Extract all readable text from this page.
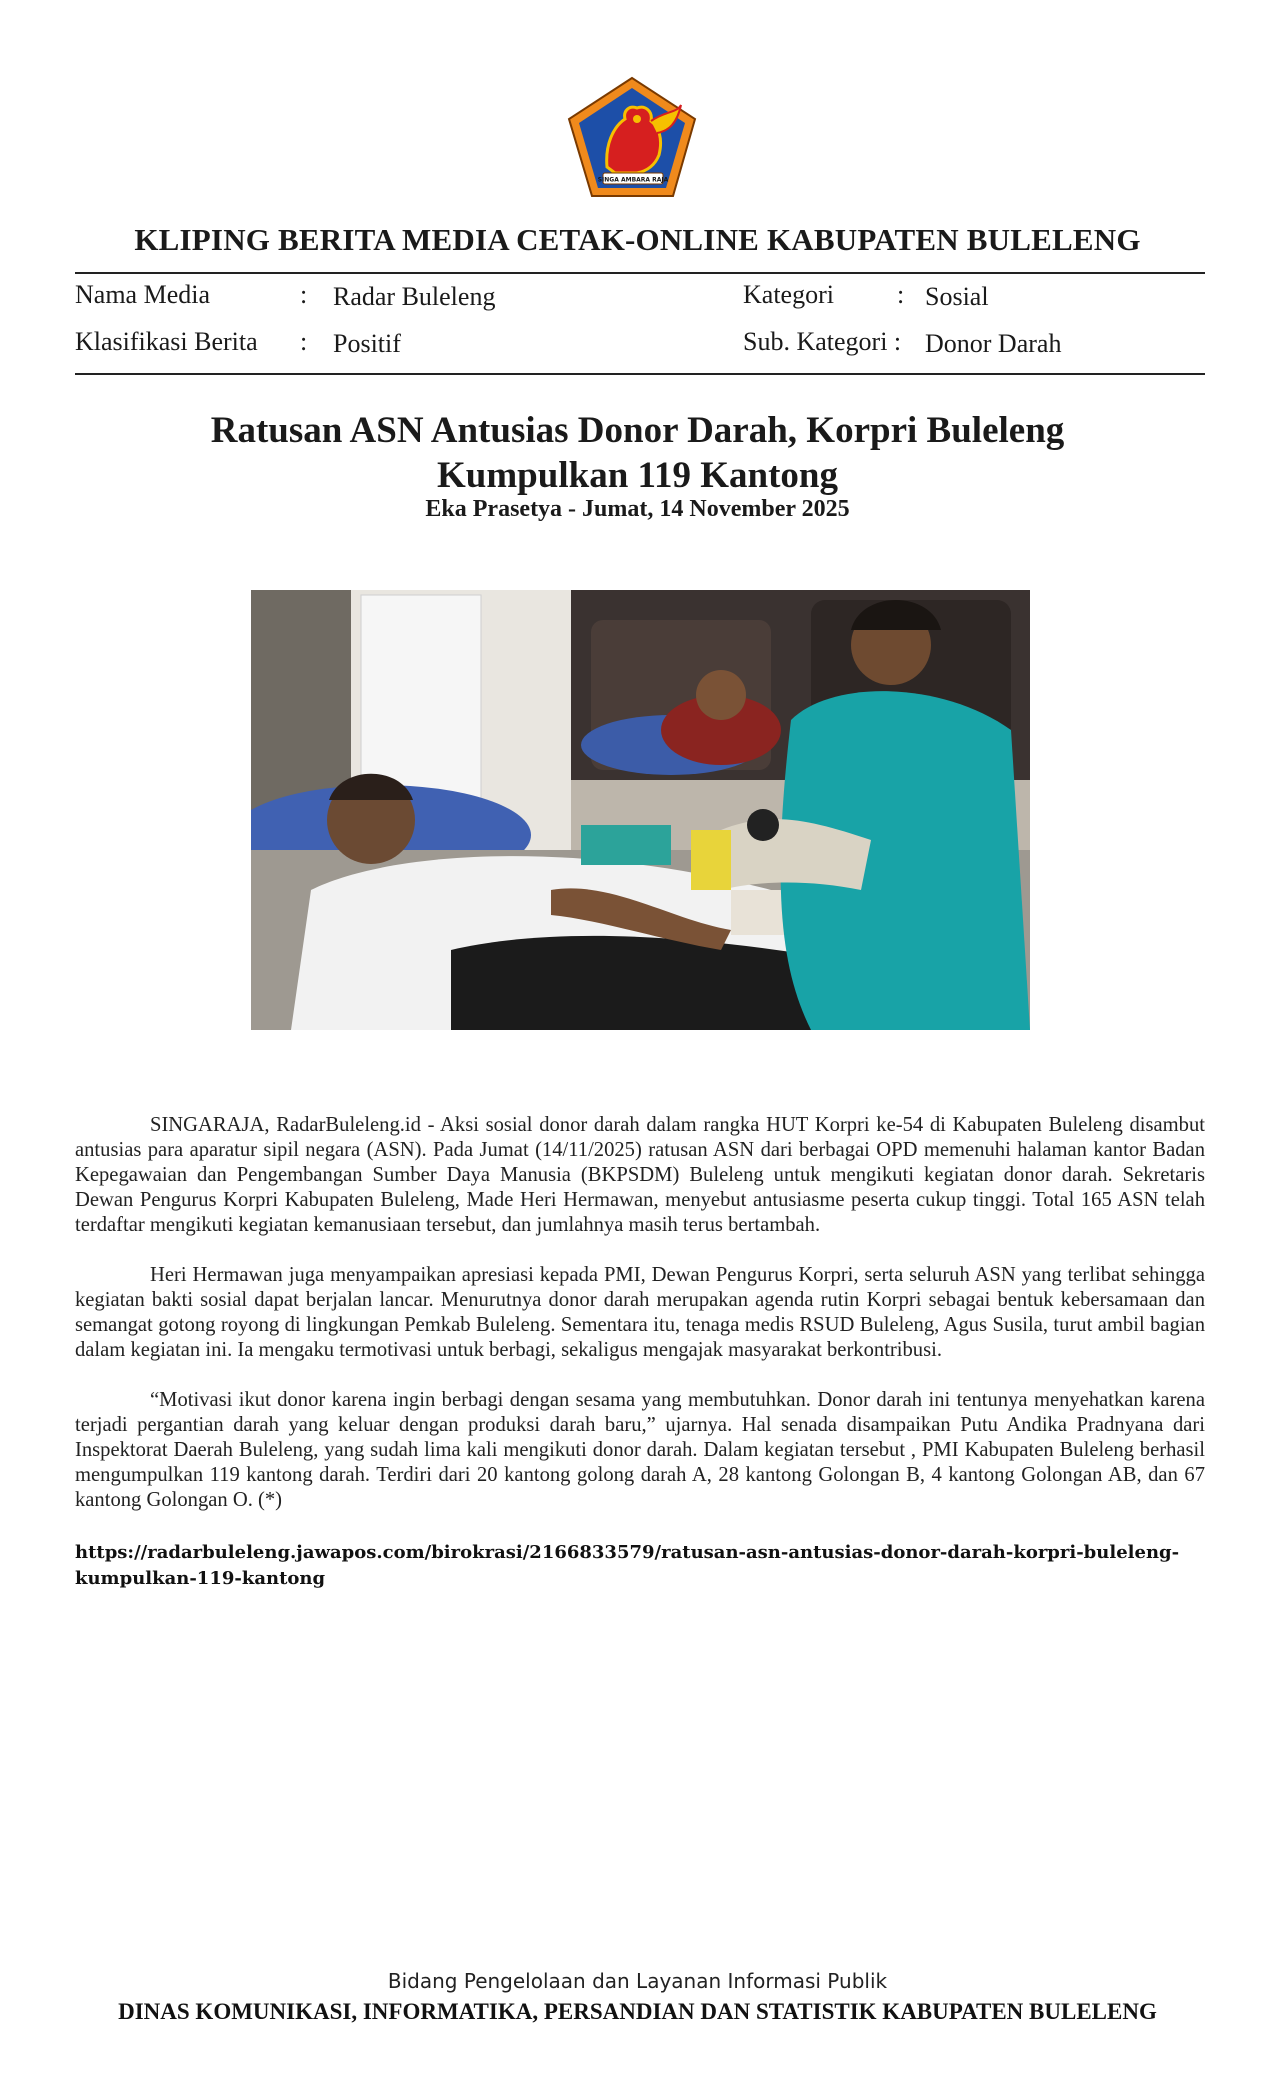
SINGA AMBARA RAJA
KLIPING BERITA MEDIA CETAK-ONLINE KABUPATEN BULELENG
Nama Media	: Radar Buleleng
Klasifikasi Berita : Positif
Kategori : Sosial
Sub. Kategori : Donor Darah
Ratusan ASN Antusias Donor Darah, Korpri Buleleng
Kumpulkan 119 Kantong
Eka Prasetya - Jumat, 14 November 2025

SINGARAJA, RadarBuleleng.id - Aksi sosial donor darah dalam rangka HUT Korpri ke-54 di Kabupaten Buleleng disambut antusias para aparatur sipil negara (ASN). Pada Jumat (14/11/2025) ratusan ASN dari berbagai OPD memenuhi halaman kantor Badan Kepegawaian dan Pengembangan Sumber Daya Manusia (BKPSDM) Buleleng untuk mengikuti kegiatan donor darah. Sekretaris Dewan Pengurus Korpri Kabupaten Buleleng, Made Heri Hermawan, menyebut antusiasme peserta cukup tinggi. Total 165 ASN telah terdaftar mengikuti kegiatan kemanusiaan tersebut, dan jumlahnya masih terus bertambah.

Heri Hermawan juga menyampaikan apresiasi kepada PMI, Dewan Pengurus Korpri, serta seluruh ASN yang terlibat sehingga kegiatan bakti sosial dapat berjalan lancar. Menurutnya donor darah merupakan agenda rutin Korpri sebagai bentuk kebersamaan dan semangat gotong royong di lingkungan Pemkab Buleleng. Sementara itu, tenaga medis RSUD Buleleng, Agus Susila, turut ambil bagian dalam kegiatan ini. Ia mengaku termotivasi untuk berbagi, sekaligus mengajak masyarakat berkontribusi.

“Motivasi ikut donor karena ingin berbagi dengan sesama yang membutuhkan. Donor darah ini tentunya menyehatkan karena terjadi pergantian darah yang keluar dengan produksi darah baru,” ujarnya. Hal senada disampaikan Putu Andika Pradnyana dari Inspektorat Daerah Buleleng, yang sudah lima kali mengikuti donor darah. Dalam kegiatan tersebut , PMI Kabupaten Buleleng berhasil mengumpulkan 119 kantong darah. Terdiri dari 20 kantong golong darah A, 28 kantong Golongan B, 4 kantong Golongan AB, dan 67 kantong Golongan O. (*)

https://radarbuleleng.jawapos.com/birokrasi/2166833579/ratusan-asn-antusias-donor-darah-korpri-buleleng-kumpulkan-119-kantong
Bidang Pengelolaan dan Layanan Informasi Publik
DINAS KOMUNIKASI, INFORMATIKA, PERSANDIAN DAN STATISTIK KABUPATEN BULELENG
